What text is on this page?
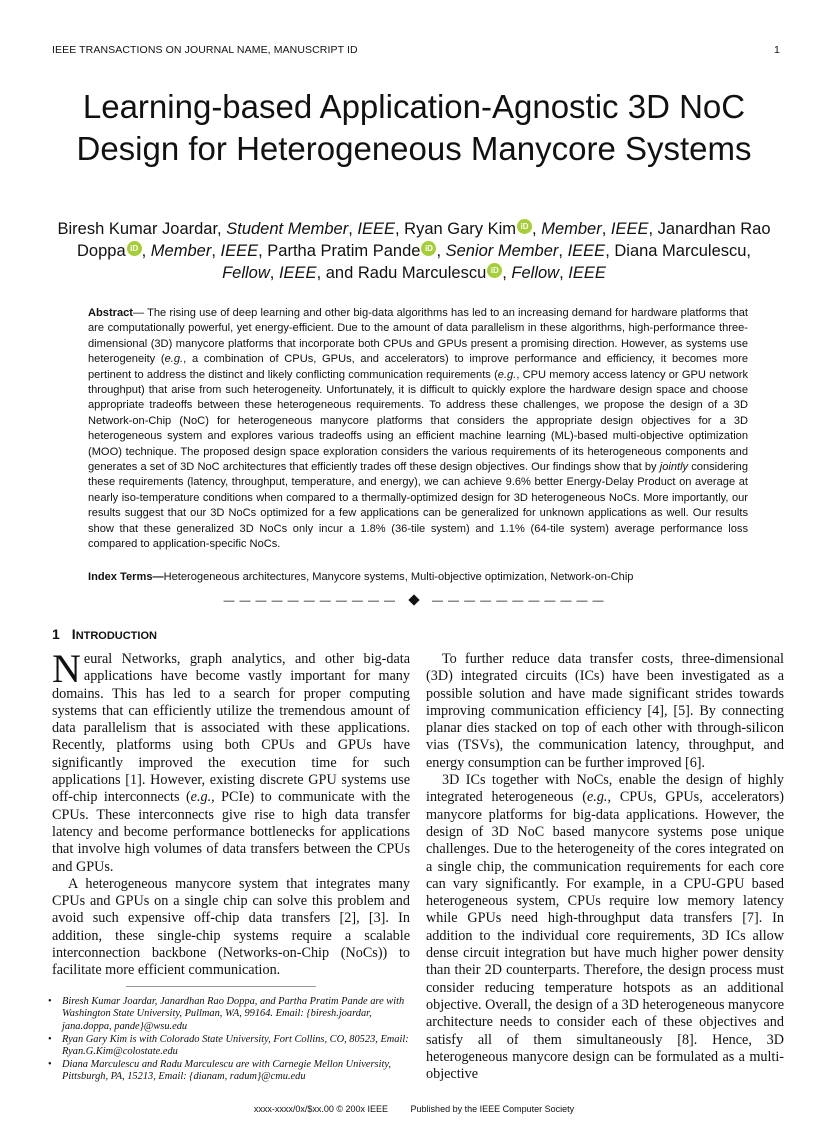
IEEE TRANSACTIONS ON JOURNAL NAME, MANUSCRIPT ID	1
Learning-based Application-Agnostic 3D NoC Design for Heterogeneous Manycore Systems
Biresh Kumar Joardar, Student Member, IEEE, Ryan Gary Kim iD , Member, IEEE, Janardhan Rao Doppa iD , Member, IEEE, Partha Pratim Pande iD , Senior Member, IEEE, Diana Marculescu,
Fellow, IEEE, and Radu Marculescu iD , Fellow, IEEE

Abstract— The rising use of deep learning and other big-data algorithms has led to an increasing demand for hardware platforms that are computationally powerful, yet energy-efficient. Due to the amount of data parallelism in these algorithms, high-performance three-dimensional (3D) manycore platforms that incorporate both CPUs and GPUs present a promising direction. However, as systems use heterogeneity (e.g., a combination of CPUs, GPUs, and accelerators) to improve performance and efficiency, it becomes more pertinent to address the distinct and likely conflicting communication requirements (e.g., CPU memory access latency or GPU network throughput) that arise from such heterogeneity. Unfortunately, it is difficult to quickly explore the hardware design space and choose appropriate tradeoffs between these heterogeneous requirements. To address these challenges, we propose the design of a 3D Network-on-Chip (NoC) for heterogeneous manycore platforms that considers the appropriate design objectives for a 3D heterogeneous system and explores various tradeoffs using an efficient machine learning (ML)-based multi-objective optimization (MOO) technique. The proposed design space exploration considers the various requirements of its heterogeneous components and generates a set of 3D NoC architectures that efficiently trades off these design objectives. Our findings show that by jointly considering these requirements (latency, throughput, temperature, and energy), we can achieve 9.6% better Energy-Delay Product on average at nearly iso-temperature conditions when compared to a thermally-optimized design for 3D heterogeneous NoCs. More importantly, our results suggest that our 3D NoCs optimized for a few applications can be generalized for unknown applications as well. Our results show that these generalized 3D NoCs only incur a 1.8% (36-tile system) and 1.1% (64-tile system) average performance loss compared to application-specific NoCs.

Index Terms—Heterogeneous architectures, Manycore systems, Multi-objective optimization, Network-on-Chip

— — — — — — — — — — —	— — — — — — — — — — —
1 INTRODUCTION

Neural Networks, graph analytics, and other big-data applications have become vastly important for many domains. This has led to a search for proper computing systems that can efficiently utilize the tremendous amount of data parallelism that is associated with these applications. Recently, platforms using both CPUs and GPUs have significantly improved the execution time for such applications [1]. However, existing discrete GPU systems use off-chip interconnects (e.g., PCIe) to communicate with the CPUs. These interconnects give rise to high data transfer latency and become performance bottlenecks for applications that involve high volumes of data transfers between the CPUs and GPUs.

A heterogeneous manycore system that integrates many CPUs and GPUs on a single chip can solve this problem and avoid such expensive off-chip data transfers [2], [3]. In addition, these single-chip systems require a scalable interconnection backbone (Networks-on-Chip (NoCs)) to facilitate more efficient communication.

• Biresh Kumar Joardar, Janardhan Rao Doppa, and Partha Pratim Pande are with Washington State University, Pullman, WA, 99164. Email: {biresh.joardar, jana.doppa, pande}@wsu.edu
• Ryan Gary Kim is with Colorado State University, Fort Collins, CO, 80523, Email: Ryan.G.Kim@colostate.edu
• Diana Marculescu and Radu Marculescu are with Carnegie Mellon University, Pittsburgh, PA, 15213, Email: {dianam, radum}@cmu.edu

To further reduce data transfer costs, three-dimensional (3D) integrated circuits (ICs) have been investigated as a possible solution and have made significant strides towards improving communication efficiency [4], [5]. By connecting planar dies stacked on top of each other with through-silicon vias (TSVs), the communication latency, throughput, and energy consumption can be further improved [6].

3D ICs together with NoCs, enable the design of highly integrated heterogeneous (e.g., CPUs, GPUs, accelerators) manycore platforms for big-data applications. However, the design of 3D NoC based manycore systems pose unique challenges. Due to the heterogeneity of the cores integrated on a single chip, the communication requirements for each core can vary significantly. For example, in a CPU-GPU based heterogeneous system, CPUs require low memory latency while GPUs need high-throughput data transfers [7]. In addition to the individual core requirements, 3D ICs allow dense circuit integration but have much higher power density than their 2D counterparts. Therefore, the design process must consider reducing temperature hotspots as an additional objective. Overall, the design of a 3D heterogeneous manycore architecture needs to consider each of these objectives and satisfy all of them simultaneously [8]. Hence, 3D heterogeneous manycore design can be formulated as a multi-objective

xxxx-xxxx/0x/$xx.00 © 200x IEEE	Published by the IEEE Computer Society
